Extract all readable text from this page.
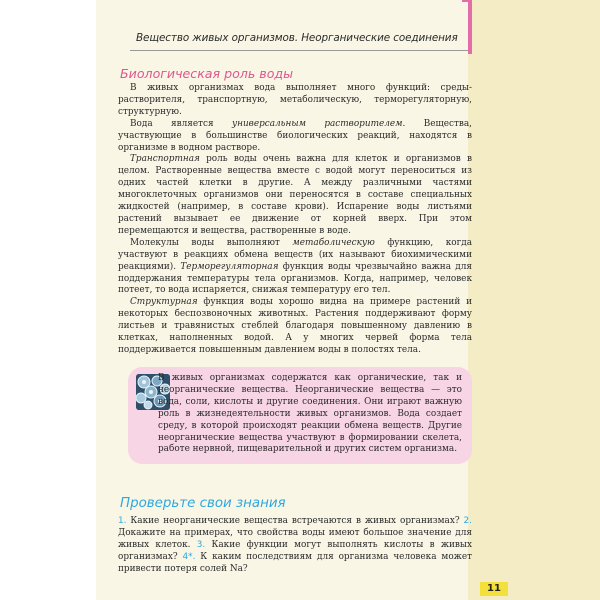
Вещество живых организмов. Неорганические соединения
Биологическая роль воды

В живых организмах вода выполняет много функций: среды-растворителя, транспортную, метаболическую, терморегуляторную, структурную.

Вода является универсальным растворителем. Вещества, участвующие в большинстве биологических реакций, находятся в организме в водном растворе.

Транспортная роль воды очень важна для клеток и организмов в целом. Растворенные вещества вместе с водой могут переноситься из одних частей клетки в другие. А между различными частями многоклеточных организмов они переносятся в составе специальных жидкостей (например, в составе крови). Испарение воды листьями растений вызывает ее движение от корней вверх. При этом перемещаются и вещества, растворенные в воде.

Молекулы воды выполняют метаболическую функцию, когда участвуют в реакциях обмена веществ (их называют биохимическими реакциями). Терморегуляторная функция воды чрезвычайно важна для поддержания температуры тела организмов. Когда, например, человек потеет, то вода испаряется, снижая температуру его тел.

Структурная функция воды хорошо видна на примере растений и некоторых беспозвоночных животных. Растения поддерживают форму листьев и травянистых стеблей благодаря повышенному давлению в клетках, наполненных водой. А у многих червей форма тела поддерживается повышенным давлением воды в полостях тела.

В живых организмах содержатся как органические, так и неорганические вещества. Неорганические вещества — это вода, соли, кислоты и другие соединения. Они играют важную роль в жизнедеятельности живых организмов. Вода создает среду, в которой происходят реакции обмена веществ. Другие неорганические вещества участвуют в формировании скелета, работе нервной, пищеварительной и других систем организма.
Проверьте свои знания
1. Какие неорганические вещества встречаются в живых организмах? 2. Докажите на примерах, что свойства воды имеют большое значение для живых клеток. 3. Какие функции могут выполнять кислоты в живых организмах? 4*. К каким последствиям для организма человека может привести потеря солей Na?
11
